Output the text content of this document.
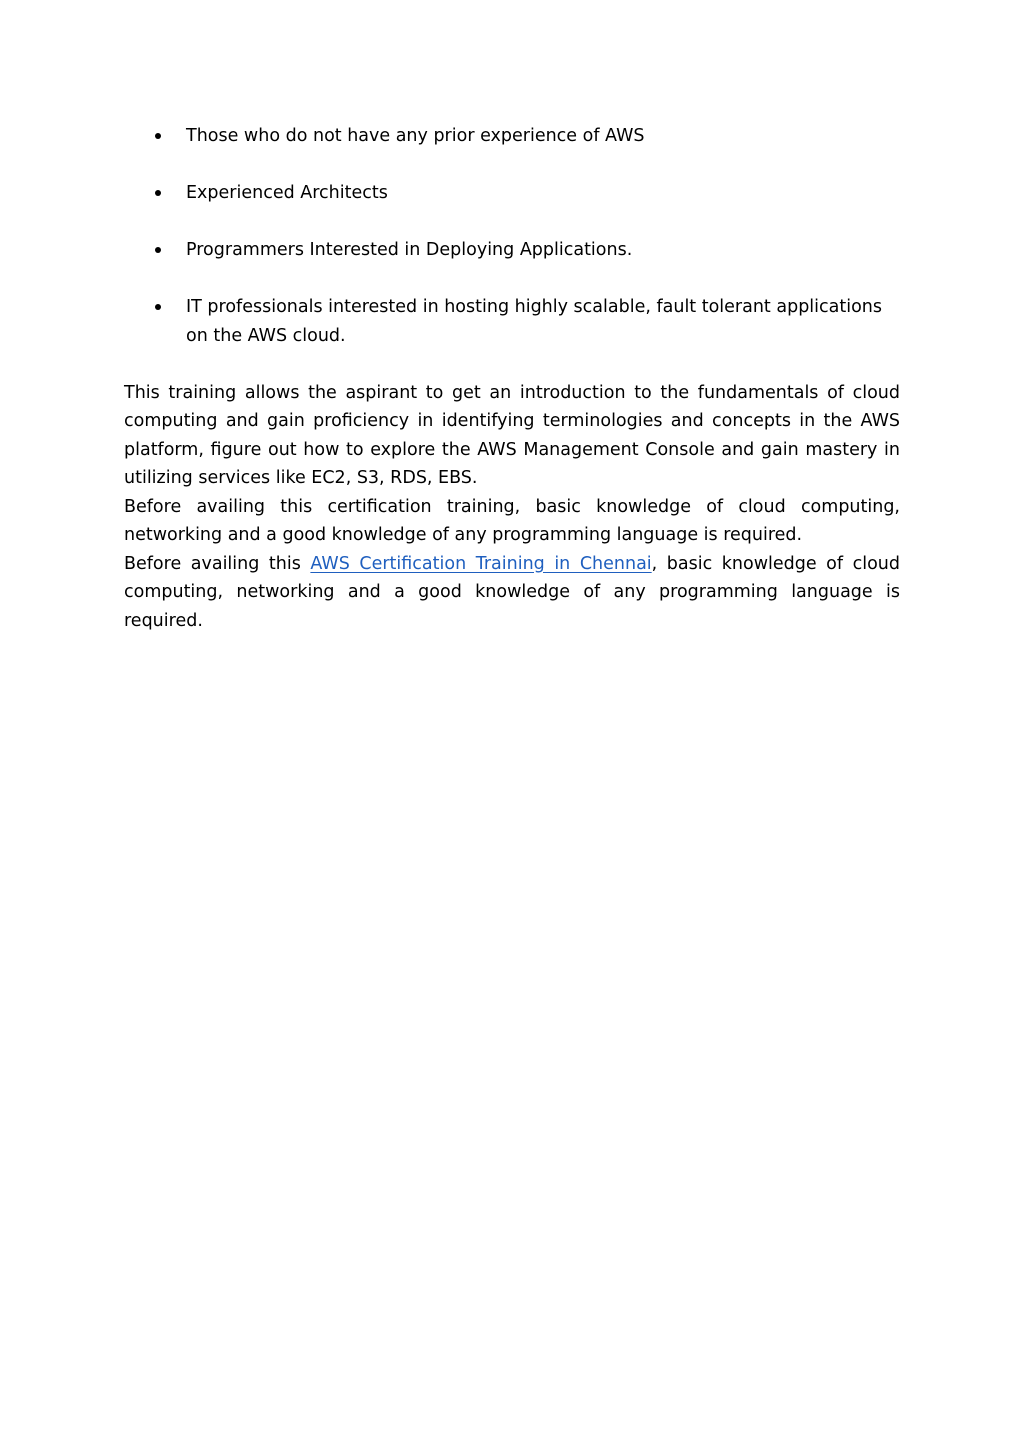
Those who do not have any prior experience of AWS
Experienced Architects
Programmers Interested in Deploying Applications.
IT professionals interested in hosting highly scalable, fault tolerant applications on the AWS cloud.

This training allows the aspirant to get an introduction to the fundamentals of cloud computing and gain proficiency in identifying terminologies and concepts in the AWS platform, figure out how to explore the AWS Management Console and gain mastery in utilizing services like EC2, S3, RDS, EBS.

Before availing this certification training, basic knowledge of cloud computing, networking and a good knowledge of any programming language is required.

Before availing this AWS Certification Training in Chennai, basic knowledge of cloud computing, networking and a good knowledge of any programming language is required.
